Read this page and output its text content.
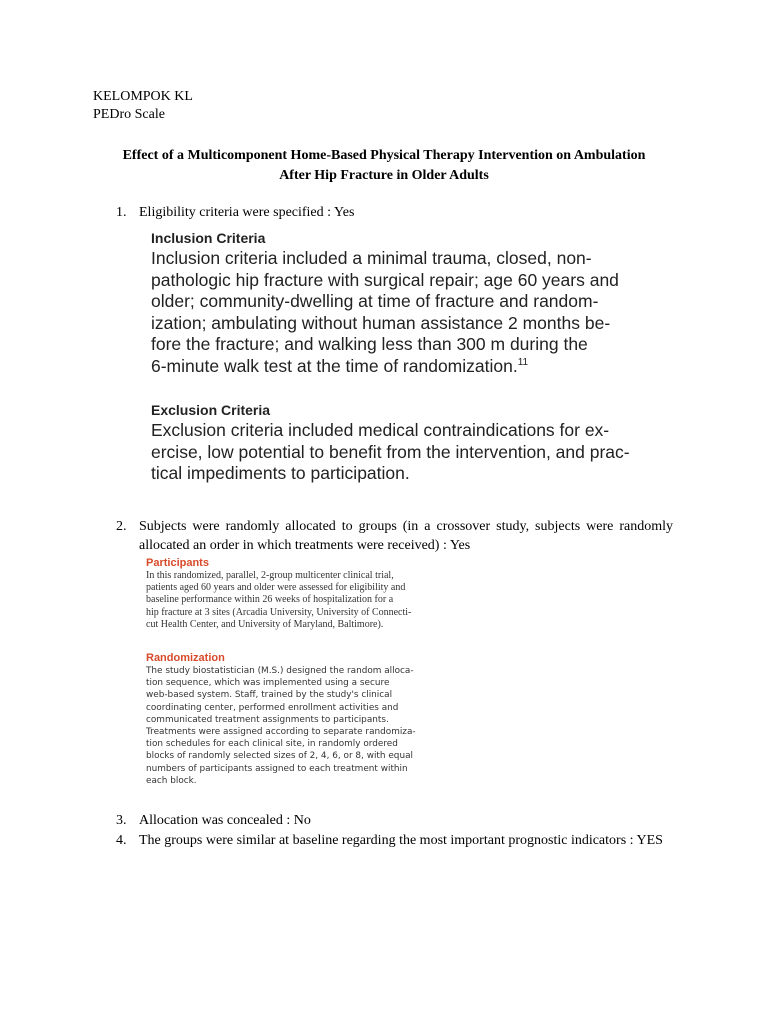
KELOMPOK KL
PEDro Scale
Effect of a Multicomponent Home-Based Physical Therapy Intervention on Ambulation
After Hip Fracture in Older Adults
1. Eligibility criteria were specified : Yes
Inclusion Criteria
Inclusion criteria included a minimal trauma, closed, non-
pathologic hip fracture with surgical repair; age 60 years and
older; community-dwelling at time of fracture and random-
ization; ambulating without human assistance 2 months be-
fore the fracture; and walking less than 300 m during the
6-minute walk test at the time of randomization.$^{11}$
Exclusion Criteria
Exclusion criteria included medical contraindications for ex-
ercise, low potential to benefit from the intervention, and prac-
tical impediments to participation.
2. Subjects were randomly allocated to groups (in a crossover study, subjects were randomly allocated an order in which treatments were received) : Yes
Participants
In this randomized, parallel, 2-group multicenter clinical trial,
patients aged 60 years and older were assessed for eligibility and
baseline performance within 26 weeks of hospitalization for a
hip fracture at 3 sites (Arcadia University, University of Connecti-
cut Health Center, and University of Maryland, Baltimore).
Randomization
The study biostatistician (M.S.) designed the random alloca-
tion sequence, which was implemented using a secure
web-based system. Staff, trained by the study's clinical
coordinating center, performed enrollment activities and
communicated treatment assignments to participants.
Treatments were assigned according to separate randomiza-
tion schedules for each clinical site, in randomly ordered
blocks of randomly selected sizes of 2, 4, 6, or 8, with equal
numbers of participants assigned to each treatment within
each block.
3. Allocation was concealed : No
4. The groups were similar at baseline regarding the most important prognostic indicators : YES
